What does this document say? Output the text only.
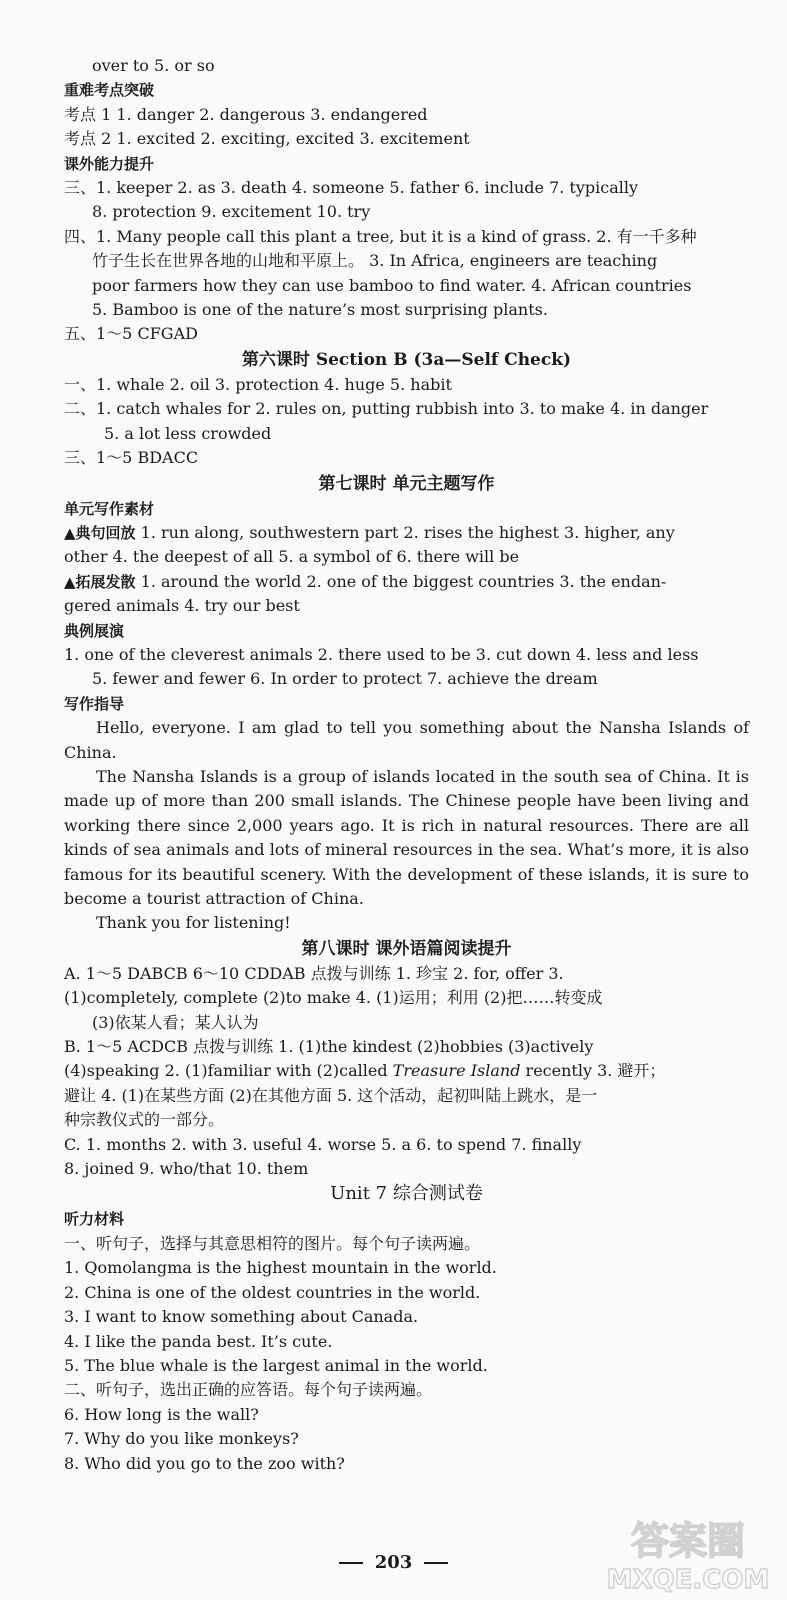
over to 5. or so
重难考点突破
考点 1 1. danger 2. dangerous 3. endangered
考点 2 1. excited 2. exciting, excited 3. excitement
课外能力提升
三、1. keeper 2. as 3. death 4. someone 5. father 6. include 7. typically
8. protection 9. excitement 10. try
四、1. Many people call this plant a tree, but it is a kind of grass. 2. 有一千多种
竹子生长在世界各地的山地和平原上。 3. In Africa, engineers are teaching
poor farmers how they can use bamboo to find water. 4. African countries
5. Bamboo is one of the nature’s most surprising plants.
五、1～5 CFGAD
第六课时 Section B (3a—Self Check)
一、1. whale 2. oil 3. protection 4. huge 5. habit
二、1. catch whales for 2. rules on, putting rubbish into 3. to make 4. in danger
5. a lot less crowded
三、1～5 BDACC
第七课时 单元主题写作
单元写作素材
▲典句回放 1. run along, southwestern part 2. rises the highest 3. higher, any
other 4. the deepest of all 5. a symbol of 6. there will be
▲拓展发散 1. around the world 2. one of the biggest countries 3. the endan-
gered animals 4. try our best
典例展演
1. one of the cleverest animals 2. there used to be 3. cut down 4. less and less
5. fewer and fewer 6. In order to protect 7. achieve the dream
写作指导
Hello, everyone. I am glad to tell you something about the Nansha Islands of China.
The Nansha Islands is a group of islands located in the south sea of China. It is made up of more than 200 small islands. The Chinese people have been living and working there since 2,000 years ago. It is rich in natural resources. There are all kinds of sea animals and lots of mineral resources in the sea. What’s more, it is also famous for its beautiful scenery. With the development of these islands, it is sure to become a tourist attraction of China.
Thank you for listening!
第八课时 课外语篇阅读提升
A. 1～5 DABCB 6～10 CDDAB 点拨与训练 1. 珍宝 2. for, offer 3.
(1)completely, complete (2)to make 4. (1)运用；利用 (2)把……转变成
(3)依某人看；某人认为
B. 1～5 ACDCB 点拨与训练 1. (1)the kindest (2)hobbies (3)actively
(4)speaking 2. (1)familiar with (2)called Treasure Island recently 3. 避开；
避让 4. (1)在某些方面 (2)在其他方面 5. 这个活动，起初叫陆上跳水，是一
种宗教仪式的一部分。
C. 1. months 2. with 3. useful 4. worse 5. a 6. to spend 7. finally
8. joined 9. who/that 10. them
Unit 7 综合测试卷
听力材料
一、听句子，选择与其意思相符的图片。每个句子读两遍。
1. Qomolangma is the highest mountain in the world.
2. China is one of the oldest countries in the world.
3. I want to know something about Canada.
4. I like the panda best. It’s cute.
5. The blue whale is the largest animal in the world.
二、听句子，选出正确的应答语。每个句子读两遍。
6. How long is the wall?
7. Why do you like monkeys?
8. Who did you go to the zoo with?
203	答案圈
MXQE.COM
